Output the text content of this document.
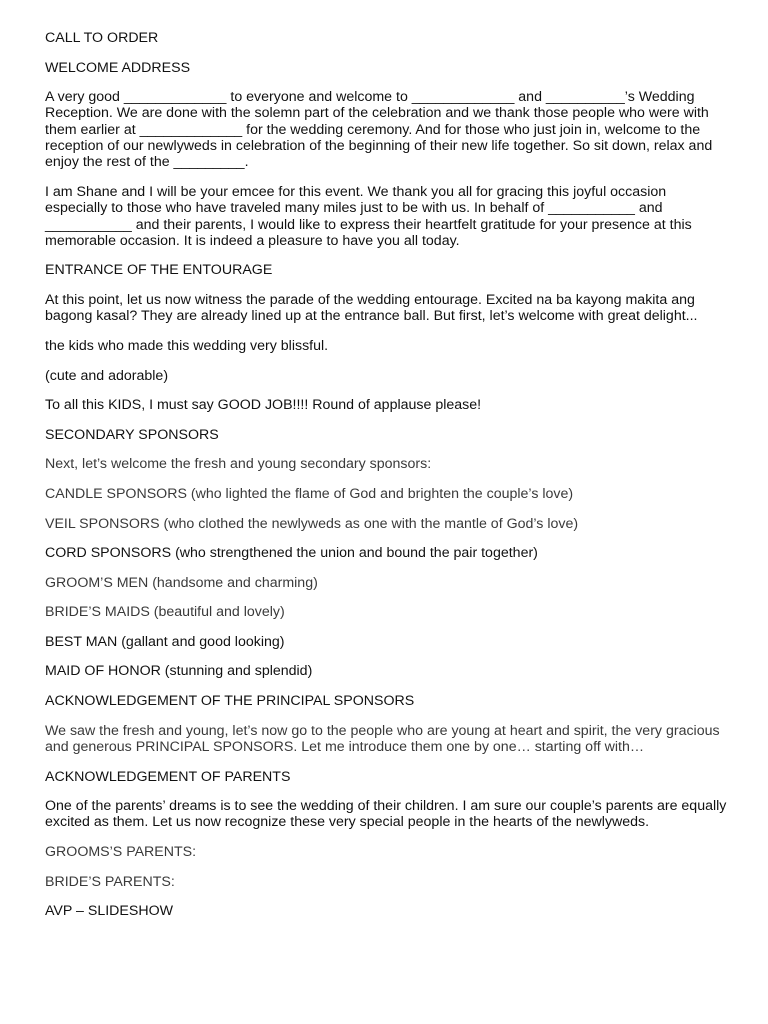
CALL TO ORDER

WELCOME ADDRESS

A very good _____________ to everyone and welcome to _____________ and __________’s Wedding Reception. We are done with the solemn part of the celebration and we thank those people who were with them earlier at _____________ for the wedding ceremony. And for those who just join in, welcome to the reception of our newlyweds in celebration of the beginning of their new life together. So sit down, relax and enjoy the rest of the _________.

I am Shane and I will be your emcee for this event. We thank you all for gracing this joyful occasion especially to those who have traveled many miles just to be with us. In behalf of ___________ and ___________ and their parents, I would like to express their heartfelt gratitude for your presence at this memorable occasion. It is indeed a pleasure to have you all today.

ENTRANCE OF THE ENTOURAGE

At this point, let us now witness the parade of the wedding entourage. Excited na ba kayong makita ang bagong kasal? They are already lined up at the entrance ball. But first, let’s welcome with great delight...

the kids who made this wedding very blissful.

(cute and adorable)

To all this KIDS, I must say GOOD JOB!!!! Round of applause please!

SECONDARY SPONSORS

Next, let’s welcome the fresh and young secondary sponsors:

CANDLE SPONSORS (who lighted the flame of God and brighten the couple’s love)

VEIL SPONSORS (who clothed the newlyweds as one with the mantle of God’s love)

CORD SPONSORS (who strengthened the union and bound the pair together)

GROOM’S MEN (handsome and charming)

BRIDE’S MAIDS (beautiful and lovely)

BEST MAN (gallant and good looking)

MAID OF HONOR (stunning and splendid)

ACKNOWLEDGEMENT OF THE PRINCIPAL SPONSORS

We saw the fresh and young, let’s now go to the people who are young at heart and spirit, the very gracious and generous PRINCIPAL SPONSORS. Let me introduce them one by one… starting off with…

ACKNOWLEDGEMENT OF PARENTS

One of the parents’ dreams is to see the wedding of their children. I am sure our couple’s parents are equally excited as them. Let us now recognize these very special people in the hearts of the newlyweds.

GROOMS’S PARENTS:

BRIDE’S PARENTS:

AVP – SLIDESHOW
